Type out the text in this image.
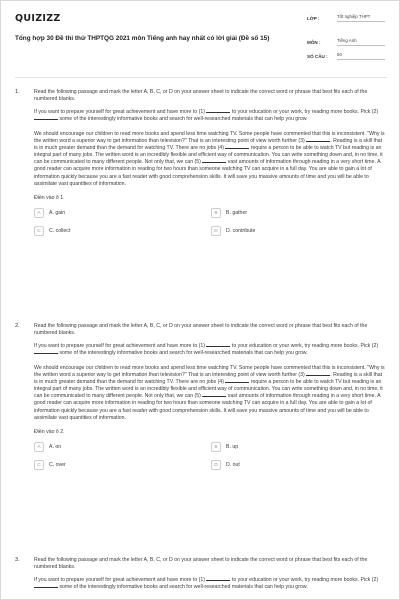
QUIZIZZ
Tổng hợp 30 Đề thi thử THPTQG 2021 môn Tiếng anh hay nhất có lời giải (Đề số 15)
LỚP :	Tốt nghiệp THPT
MÔN :	Tiếng Anh
SỐ CÂU : 50
1.	Read the following passage and mark the letter A, B, C, or D on your answer sheet to indicate the correct word or phrase that best fits each of the numbered blanks.

If you want to prepare yourself for great achievement and have more to (1)	to your education or your work, try reading more books. Pick (2)  some of the interestingly informative books and search for well-researched materials that can help you grow.

We should encourage our children to read more books and spend less time watching TV. Some people have commented that this is inconsistent. "Why is the written word a superior way to get information than television?" That is an interesting point of view worth further (3)	. Reading is a skill that is in much greater demand than the demand for watching TV. There are no jobs (4)	require a person to be able to watch TV but reading is an integral part of many jobs. The written word is an incredibly flexible and efficient way of communication. You can write something down and, in no time, it can be communicated to many different people. Not only that, we can (5)	vast amounts of information through reading in a very short time. A good reader can acquire more information in reading for two hours than someone watching TV can acquire in a full day. You are able to gain a lot of information quickly because you are a fast reader with good comprehension skills. It will save you massive amounts of time and you will be able to assimilate vast quantities of information.

Điền vào ô 1.

A	A. gain	B	B. gather
C	C. collect	D	D. contribute
2.	Read the following passage and mark the letter A, B, C, or D on your answer sheet to indicate the correct word or phrase that best fits each of the numbered blanks.

If you want to prepare yourself for great achievement and have more to (1)	to your education or your work, try reading more books. Pick (2)  some of the interestingly informative books and search for well-researched materials that can help you grow.

We should encourage our children to read more books and spend less time watching TV. Some people have commented that this is inconsistent. "Why is the written word a superior way to get information than television?" That is an interesting point of view worth further (3)	. Reading is a skill that is in much greater demand than the demand for watching TV. There are no jobs (4)	require a person to be able to watch TV but reading is an integral part of many jobs. The written word is an incredibly flexible and efficient way of communication. You can write something down and, in no time, it can be communicated to many different people. Not only that, we can (5)	vast amounts of information through reading in a very short time. A good reader can acquire more information in reading for two hours than someone watching TV can acquire in a full day. You are able to gain a lot of information quickly because you are a fast reader with good comprehension skills. It will save you massive amounts of time and you will be able to assimilate vast quantities of information.

Điền vào ô 2.

A	A. on	B	B. up
C	C. over	D	D. out
3.	Read the following passage and mark the letter A, B, C, or D on your answer sheet to indicate the correct word or phrase that best fits each of the numbered blanks.

If you want to prepare yourself for great achievement and have more to (1)	to your education or your work, try reading more books. Pick (2)  some of the interestingly informative books and search for well-researched materials that can help you grow.
